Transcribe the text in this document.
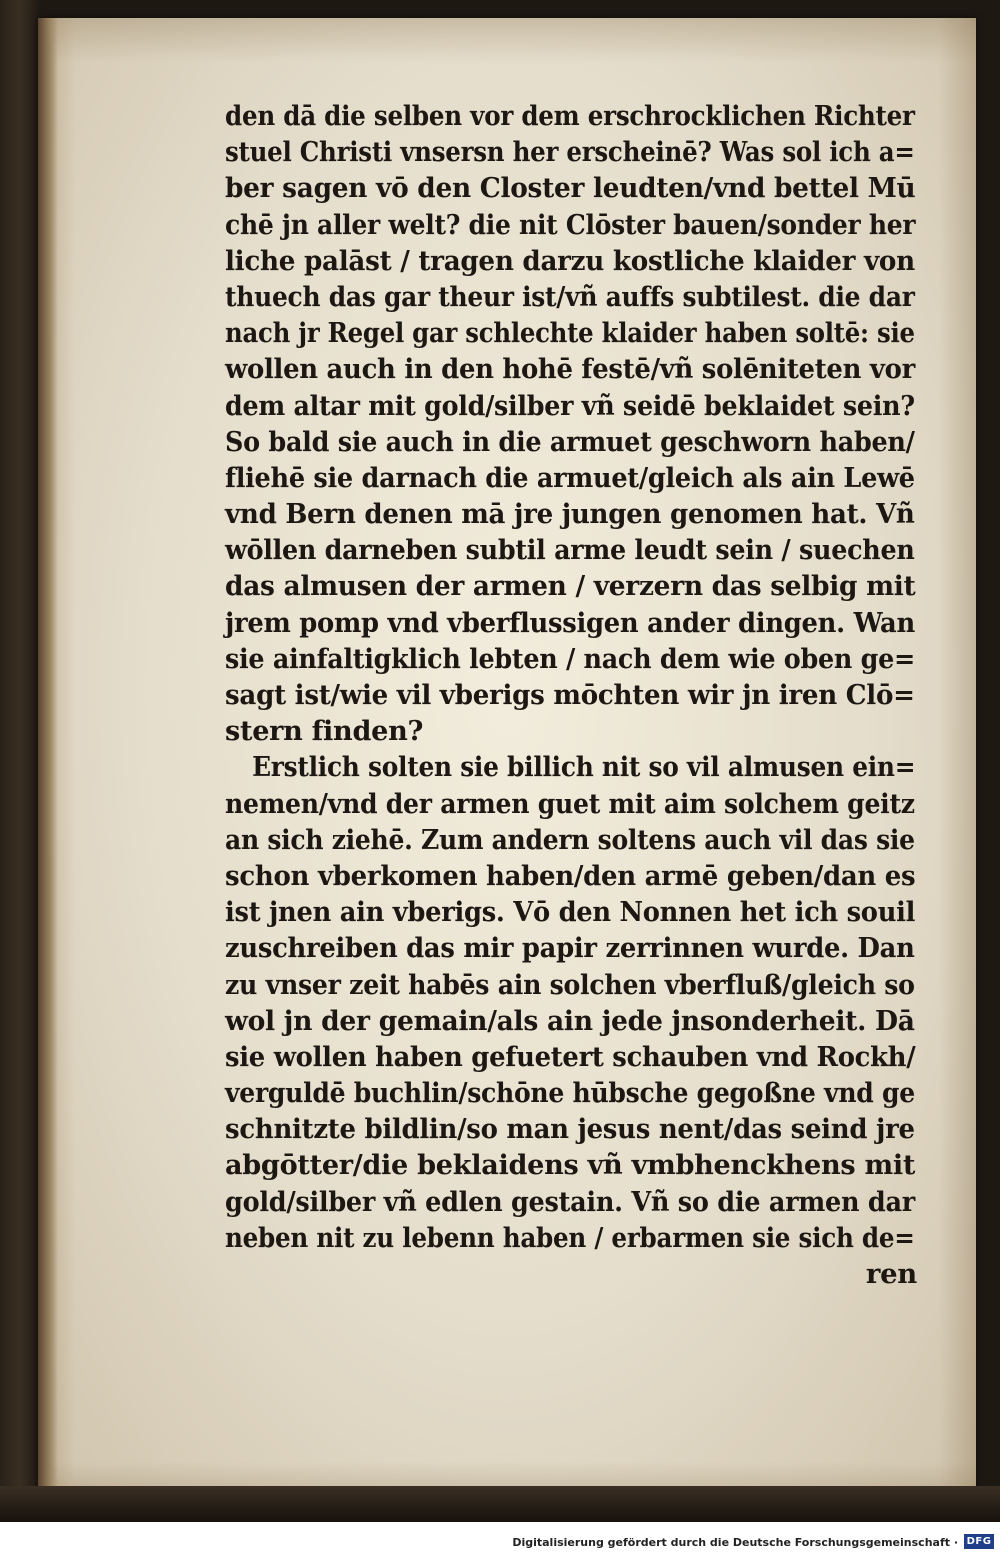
den dā die selben vor dem erschrocklichen Richter
stuel Christi vnsersn her erscheinē? Was sol ich a=
ber sagen vō den Closter leudten/vnd bettel Mū
chē jn aller welt? die nit Clōster bauen/sonder her
liche palāst / tragen darzu kostliche klaider von
thuech das gar theur ist/vñ auffs subtilest. die dar
nach jr Regel gar schlechte klaider haben soltē: sie
wollen auch in den hohē festē/vñ solēniteten vor
dem altar mit gold/silber vñ seidē beklaidet sein?
So bald sie auch in die armuet geschworn haben/
fliehē sie darnach die armuet/gleich als ain Lewē
vnd Bern denen mā jre jungen genomen hat. Vñ
wōllen darneben subtil arme leudt sein / suechen
das almusen der armen / verzern das selbig mit
jrem pomp vnd vberflussigen ander dingen. Wan
sie ainfaltigklich lebten / nach dem wie oben ge=
sagt ist/wie vil vberigs mōchten wir jn iren Clō=
stern finden?
Erstlich solten sie billich nit so vil almusen ein=
nemen/vnd der armen guet mit aim solchem geitz
an sich ziehē. Zum andern soltens auch vil das sie
schon vberkomen haben/den armē geben/dan es
ist jnen ain vberigs. Vō den Nonnen het ich souil
zuschreiben das mir papir zerrinnen wurde. Dan
zu vnser zeit habēs ain solchen vberfluß/gleich so
wol jn der gemain/als ain jede jnsonderheit. Dā
sie wollen haben gefuetert schauben vnd Rockh/
verguldē buchlin/schōne hūbsche gegoßne vnd ge
schnitzte bildlin/so man jesus nent/das seind jre
abgōtter/die beklaidens vñ vmbhenckhens mit
gold/silber vñ edlen gestain. Vñ so die armen dar
neben nit zu lebenn haben / erbarmen sie sich de=
ren
Digitalisierung gefördert durch die Deutsche Forschungsgemeinschaft · DFG
